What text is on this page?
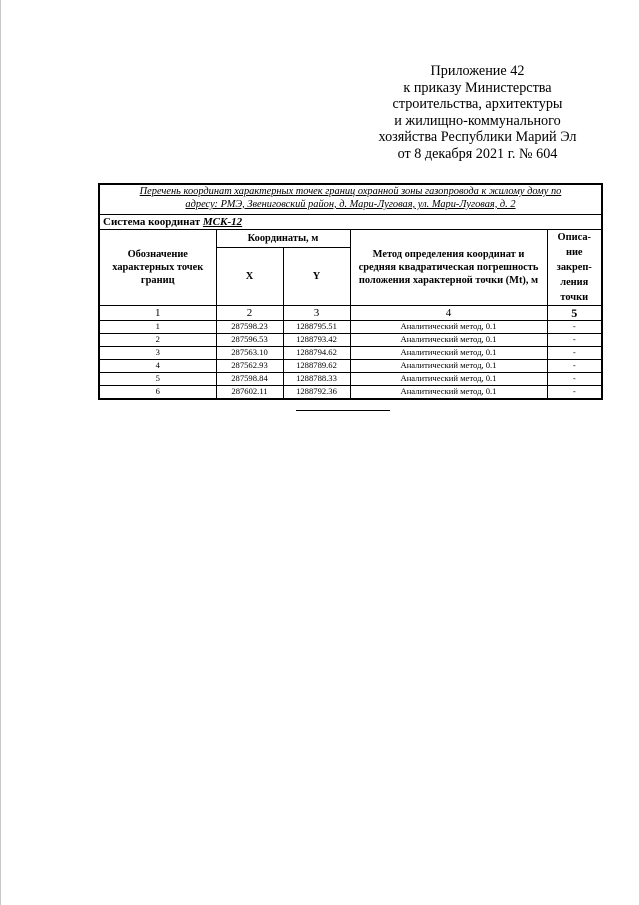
Приложение 42
к приказу Министерства
строительства, архитектуры
и жилищно-коммунального
хозяйства Республики Марий Эл
от 8 декабря 2021 г. № 604
Перечень координат характерных точек границ охранной зоны газопровода к жилому дому по
адресу: РМЭ, Звениговский район, д. Мари-Луговая, ул. Мари-Луговая, д. 2				

Система координат МСК-12				
Обозначение характерных точек границ	Координаты, м		Метод определения координат и средняя квадратическая погрешность положения характерной точки (Mt), м	Описа-ние закреп-ления точки
	X	Y		
1	2	3	4	5
1	287598.23	1288795.51	Аналитический метод, 0.1	-
2	287596.53	1288793.42	Аналитический метод, 0.1	-
3	287563.10	1288794.62	Аналитический метод, 0.1	-
4	287562.93	1288789.62	Аналитический метод, 0.1	-
5	287598.84	1288788.33	Аналитический метод, 0.1	-
6	287602.11	1288792.36	Аналитический метод, 0.1	-
